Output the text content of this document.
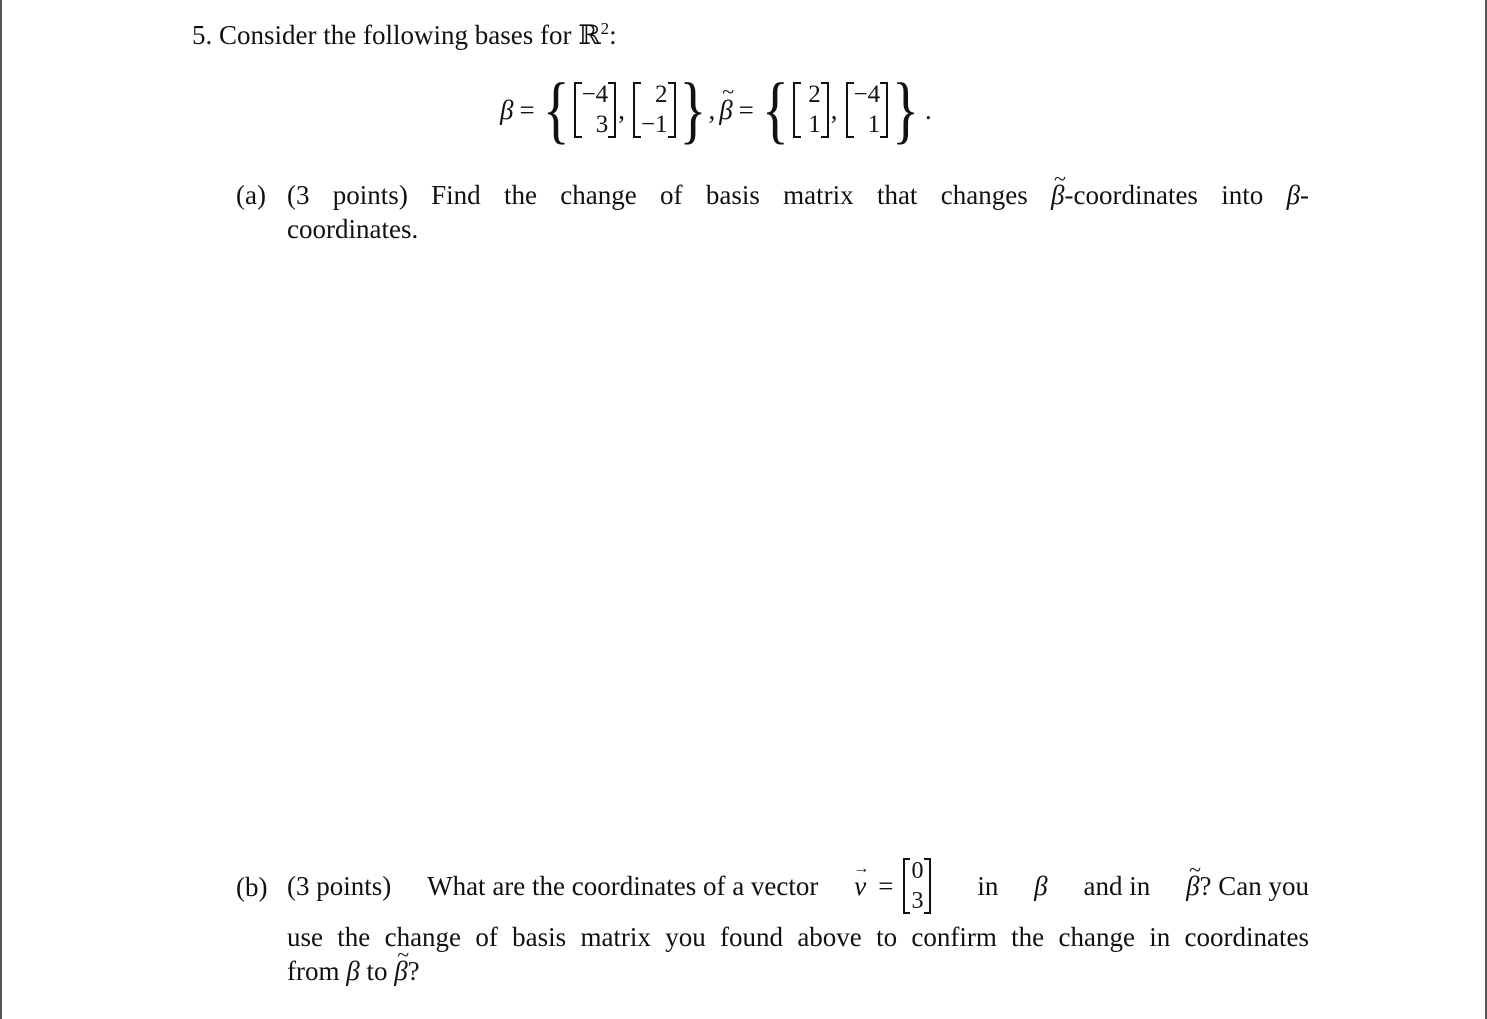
5. Consider the following bases for ℝ$^2$:
β = { −4
3 ,	2
−1 } , ~ β = { 2
1 , −4
1 } .
(a) (3 points) Find the change of basis matrix that changes ~ β-coordinates into β-
coordinates.
(b) (3 points) What are the coordinates of a vector → v = 0
3 in β and in ~ β? Can you
use the change of basis matrix you found above to confirm the change in coordinates
from β to ~ β?
